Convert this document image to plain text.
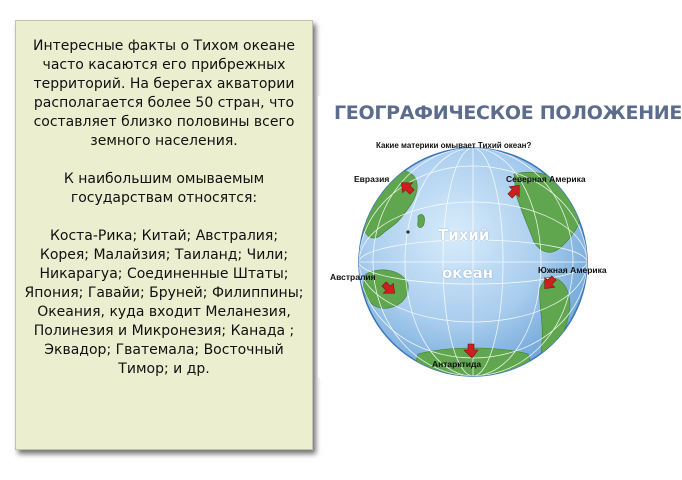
Интересные факты о Тихом океане часто касаются его прибрежных территорий. На берегах акватории располагается более 50 стран, что составляет близко половины всего земного населения.

К наибольшим омываемым государствам относятся:

Коста-Рика; Китай; Австралия; Корея; Малайзия; Таиланд; Чили; Никарагуа; Соединенные Штаты; Япония; Гавайи; Бруней; Филиппины; Океания, куда входит Меланезия, Полинезия и Микронезия; Канада ; Эквадор; Гватемала; Восточный Тимор; и др.

ГЕОГРАФИЧЕСКОЕ ПОЛОЖЕНИЕ
Какие материки омывает Тихий океан?
Евразия	Северная Америка
Австралия
Южная Америка
Антарктида
Тихий
океан
